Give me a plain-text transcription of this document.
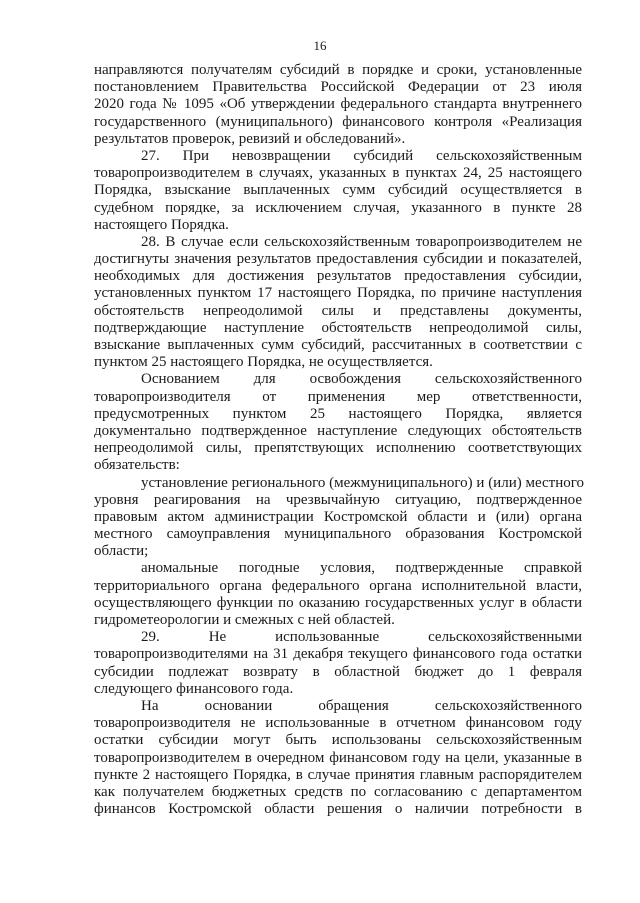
16
направляются получателям субсидий в порядке и сроки, установленные
постановлением Правительства Российской Федерации от 23 июля
2020 года № 1095 «Об утверждении федерального стандарта внутреннего
государственного (муниципального) финансового контроля «Реализация
результатов проверок, ревизий и обследований».
27. При невозвращении субсидий сельскохозяйственным
товаропроизводителем в случаях, указанных в пунктах 24, 25 настоящего
Порядка, взыскание выплаченных сумм субсидий осуществляется в
судебном порядке, за исключением случая, указанного в пункте 28
настоящего Порядка.
28. В случае если сельскохозяйственным товаропроизводителем не
достигнуты значения результатов предоставления субсидии и показателей,
необходимых для достижения результатов предоставления субсидии,
установленных пунктом 17 настоящего Порядка, по причине наступления
обстоятельств непреодолимой силы и представлены документы,
подтверждающие наступление обстоятельств непреодолимой силы,
взыскание выплаченных сумм субсидий, рассчитанных в соответствии с
пунктом 25 настоящего Порядка, не осуществляется.
Основанием для освобождения сельскохозяйственного
товаропроизводителя от применения мер ответственности,
предусмотренных пунктом 25 настоящего Порядка, является
документально подтвержденное наступление следующих обстоятельств
непреодолимой силы, препятствующих исполнению соответствующих
обязательств:
установление регионального (межмуниципального) и (или) местного
уровня реагирования на чрезвычайную ситуацию, подтвержденное
правовым актом администрации Костромской области и (или) органа
местного самоуправления муниципального образования Костромской
области;
аномальные погодные условия, подтвержденные справкой
территориального органа федерального органа исполнительной власти,
осуществляющего функции по оказанию государственных услуг в области
гидрометеорологии и смежных с ней областей.
29. Не использованные сельскохозяйственными
товаропроизводителями на 31 декабря текущего финансового года остатки
субсидии подлежат возврату в областной бюджет до 1 февраля
следующего финансового года.
На основании обращения сельскохозяйственного
товаропроизводителя не использованные в отчетном финансовом году
остатки субсидии могут быть использованы сельскохозяйственным
товаропроизводителем в очередном финансовом году на цели, указанные в
пункте 2 настоящего Порядка, в случае принятия главным распорядителем
как получателем бюджетных средств по согласованию с департаментом
финансов Костромской области решения о наличии потребности в
